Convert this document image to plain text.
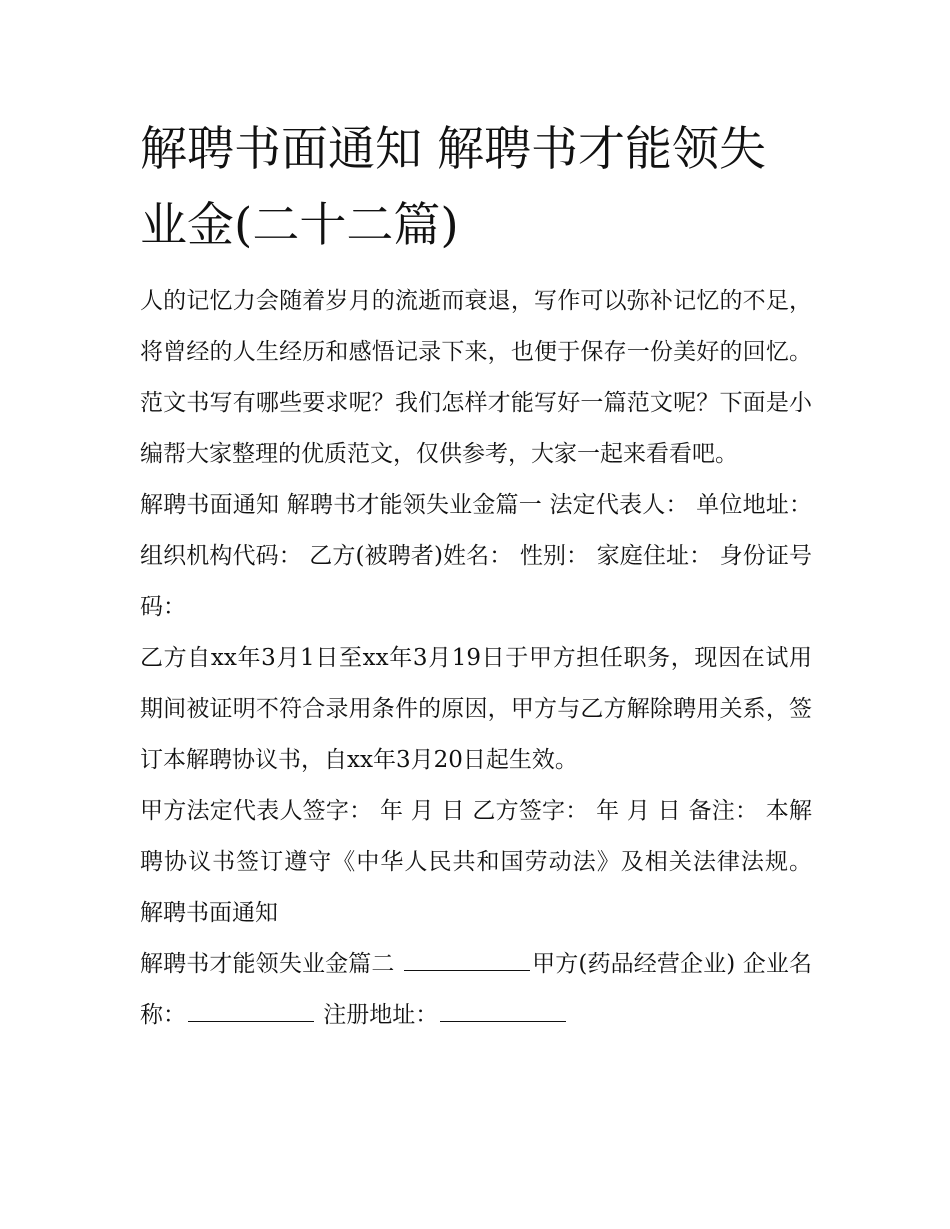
解聘书面通知 解聘书才能领失
业金(二十二篇)

人的记忆力会随着岁月的流逝而衰退，写作可以弥补记忆的不足，将曾经的人生经历和感悟记录下来，也便于保存一份美好的回忆。范文书写有哪些要求呢？我们怎样才能写好一篇范文呢？下面是小编帮大家整理的优质范文，仅供参考，大家一起来看看吧。

解聘书面通知 解聘书才能领失业金篇一 法定代表人： 单位地址： 组织机构代码： 乙方(被聘者)姓名： 性别： 家庭住址： 身份证号码：

乙方自xx年3月1日至xx年3月19日于甲方担任职务，现因在试用期间被证明不符合录用条件的原因，甲方与乙方解除聘用关系，签订本解聘协议书，自xx年3月20日起生效。

甲方法定代表人签字： 年 月 日 乙方签字： 年 月 日 备注： 本解聘协议书签订遵守《中华人民共和国劳动法》及相关法律法规。 解聘书面通知

解聘书才能领失业金篇二	甲方(药品经营企业) 企业名称：	注册地址：
